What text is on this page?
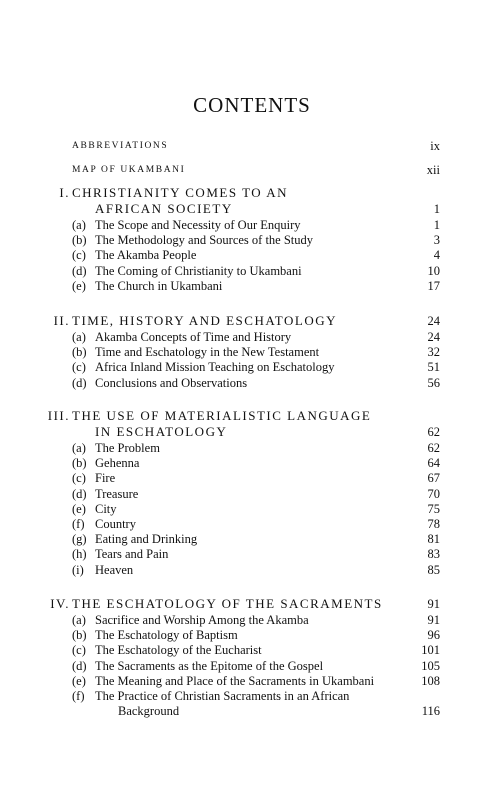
CONTENTS
ABBREVIATIONS	ix
MAP OF UKAMBANI	xii
I. CHRISTIANITY COMES TO AN
AFRICAN SOCIETY	1
(a) The Scope and Necessity of Our Enquiry	1
(b) The Methodology and Sources of the Study	3
(c) The Akamba People	4
(d) The Coming of Christianity to Ukambani	10
(e) The Church in Ukambani	17
II. TIME, HISTORY AND ESCHATOLOGY	24
(a) Akamba Concepts of Time and History	24
(b) Time and Eschatology in the New Testament	32
(c) Africa Inland Mission Teaching on Eschatology	51
(d) Conclusions and Observations	56
III. THE USE OF MATERIALISTIC LANGUAGE
IN ESCHATOLOGY	62
(a) The Problem	62
(b) Gehenna	64
(c) Fire	67
(d) Treasure	70
(e) City	75
(f) Country	78
(g) Eating and Drinking	81
(h) Tears and Pain	83
(i) Heaven	85
IV. THE ESCHATOLOGY OF THE SACRAMENTS	91
(a) Sacrifice and Worship Among the Akamba	91
(b) The Eschatology of Baptism	96
(c) The Eschatology of the Eucharist	101
(d) The Sacraments as the Epitome of the Gospel	105
(e) The Meaning and Place of the Sacraments in Ukambani	108
(f) The Practice of Christian Sacraments in an African
Background	116
